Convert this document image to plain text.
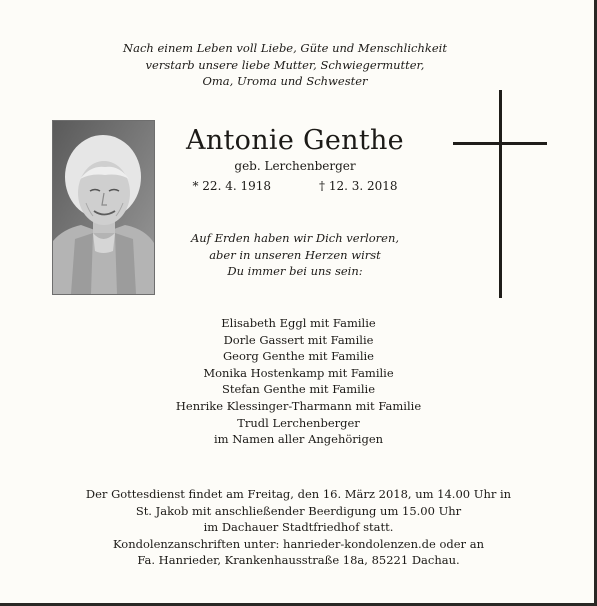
Nach einem Leben voll Liebe, Güte und Menschlichkeit
verstarb unsere liebe Mutter, Schwiegermutter,
Oma, Uroma und Schwester
Antonie Genthe
geb. Lerchenberger
* 22. 4. 1918	† 12. 3. 2018
Auf Erden haben wir Dich verloren,
aber in unseren Herzen wirst
Du immer bei uns sein:
Elisabeth Eggl mit Familie
Dorle Gassert mit Familie
Georg Genthe mit Familie
Monika Hostenkamp mit Familie
Stefan Genthe mit Familie
Henrike Klessinger-Tharmann mit Familie
Trudl Lerchenberger
im Namen aller Angehörigen
Der Gottesdienst findet am Freitag, den 16. März 2018, um 14.00 Uhr in
St. Jakob mit anschließender Beerdigung um 15.00 Uhr
im Dachauer Stadtfriedhof statt.
Kondolenzanschriften unter: hanrieder-kondolenzen.de oder an
Fa. Hanrieder, Krankenhausstraße 18a, 85221 Dachau.
